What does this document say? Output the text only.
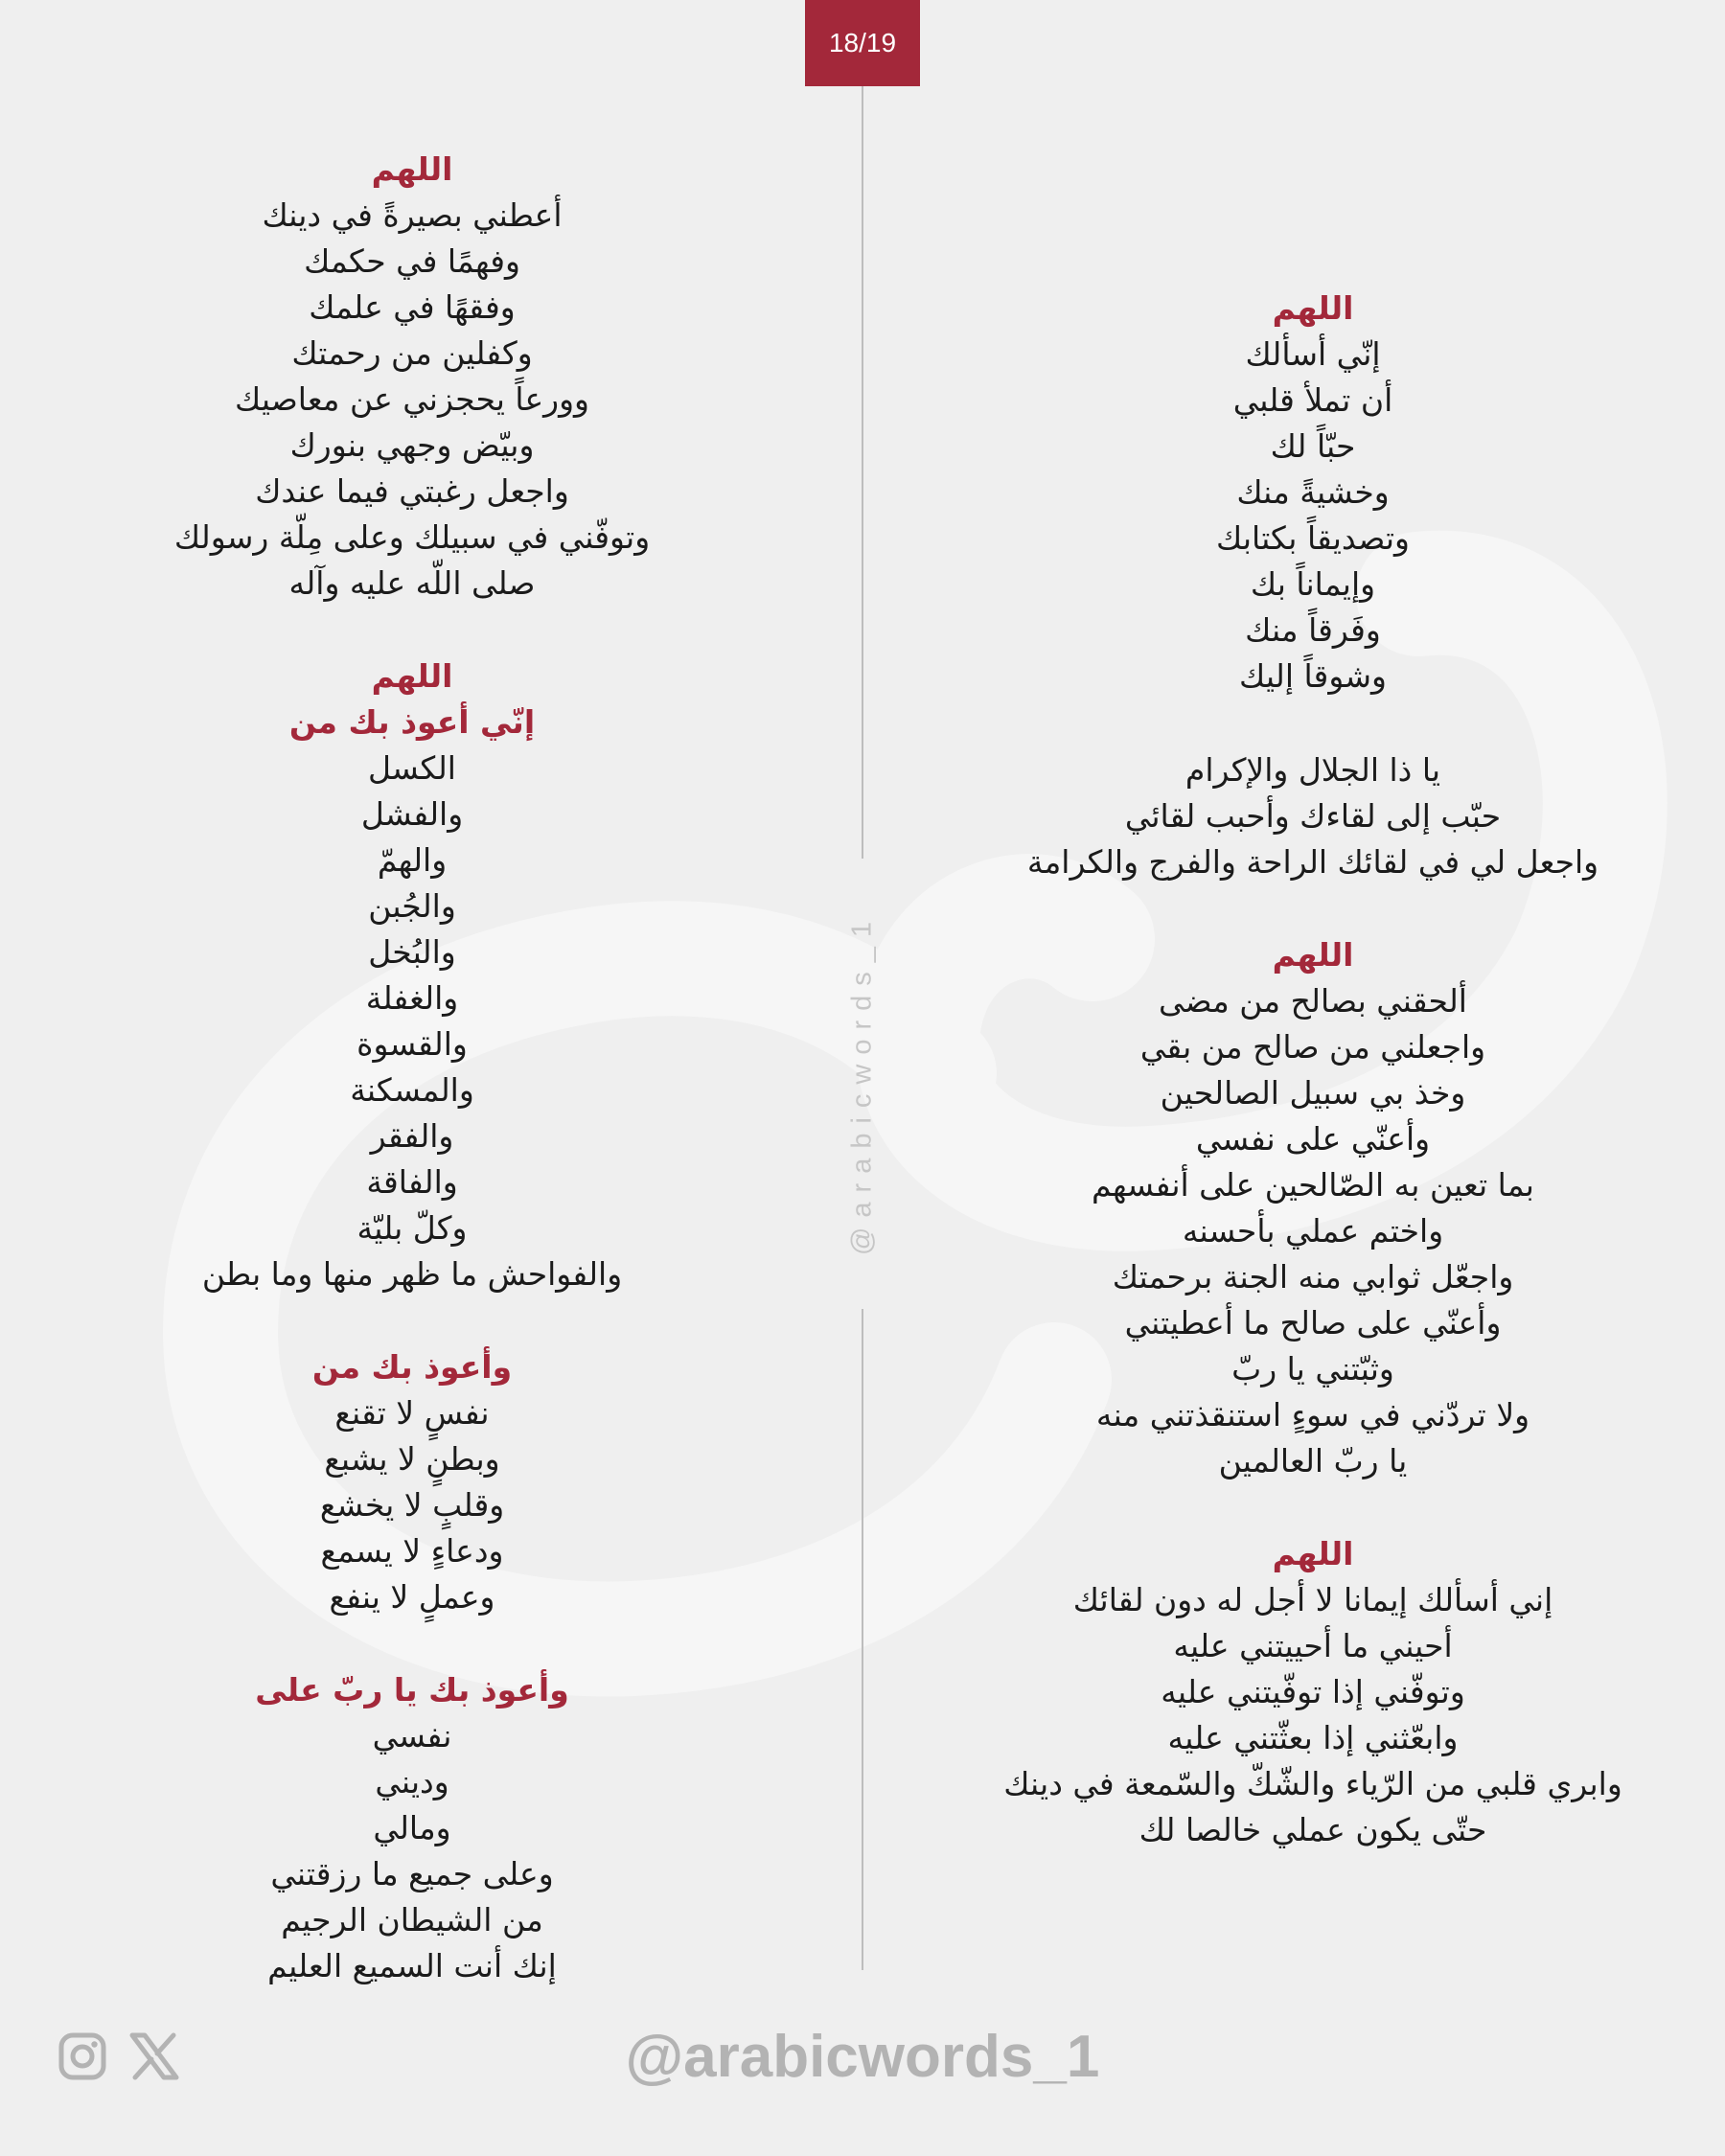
18/19
@arabicwords_1
اللهم
أعطني بصيرةً في دينك
وفهمًا في حكمك
وفقهًا في علمك
وكفلين من رحمتك
وورعاً يحجزني عن معاصيك
وبيّض وجهي بنورك
واجعل رغبتي فيما عندك
وتوفّني في سبيلك وعلى مِلّة رسولك
صلى اللّه عليه وآله
اللهم
إنّي أعوذ بك من
الكسل
والفشل
والهمّ
والجُبن
والبُخل
والغفلة
والقسوة
والمسكنة
والفقر
والفاقة
وكلّ بليّة
والفواحش ما ظهر منها وما بطن
وأعوذ بك من
نفسٍ لا تقنع
وبطنٍ لا يشبع
وقلبٍ لا يخشع
ودعاءٍ لا يسمع
وعملٍ لا ينفع
وأعوذ بك يا ربّ على
نفسي
وديني
ومالي
وعلى جميع ما رزقتني
من الشيطان الرجيم
إنك أنت السميع العليم
اللهم
إنّي أسألك
أن تملأ قلبي
حبّاً لك
وخشيةً منك
وتصديقاً بكتابك
وإيماناً بك
وفَرقاً منك
وشوقاً إليك
يا ذا الجلال والإكرام
حبّب إلى لقاءك وأحبب لقائي
واجعل لي في لقائك الراحة والفرج والكرامة
اللهم
ألحقني بصالح من مضى
واجعلني من صالح من بقي
وخذ بي سبيل الصالحين
وأعنّي على نفسي
بما تعين به الصّالحين على أنفسهم
واختم عملي بأحسنه
واجعّل ثوابي منه الجنة برحمتك
وأعنّي على صالح ما أعطيتني
وثبّتني يا ربّ
ولا تردّني في سوءٍ استنقذتني منه
يا ربّ العالمين
اللهم
إني أسألك إيمانا لا أجل له دون لقائك
أحيني ما أحييتني عليه
وتوفّني إذا توفّيتني عليه
وابعّثني إذا بعثّتني عليه
وابري قلبي من الرّياء والشّكّ والسّمعة في دينك
حتّى يكون عملي خالصا لك
@arabicwords_1
